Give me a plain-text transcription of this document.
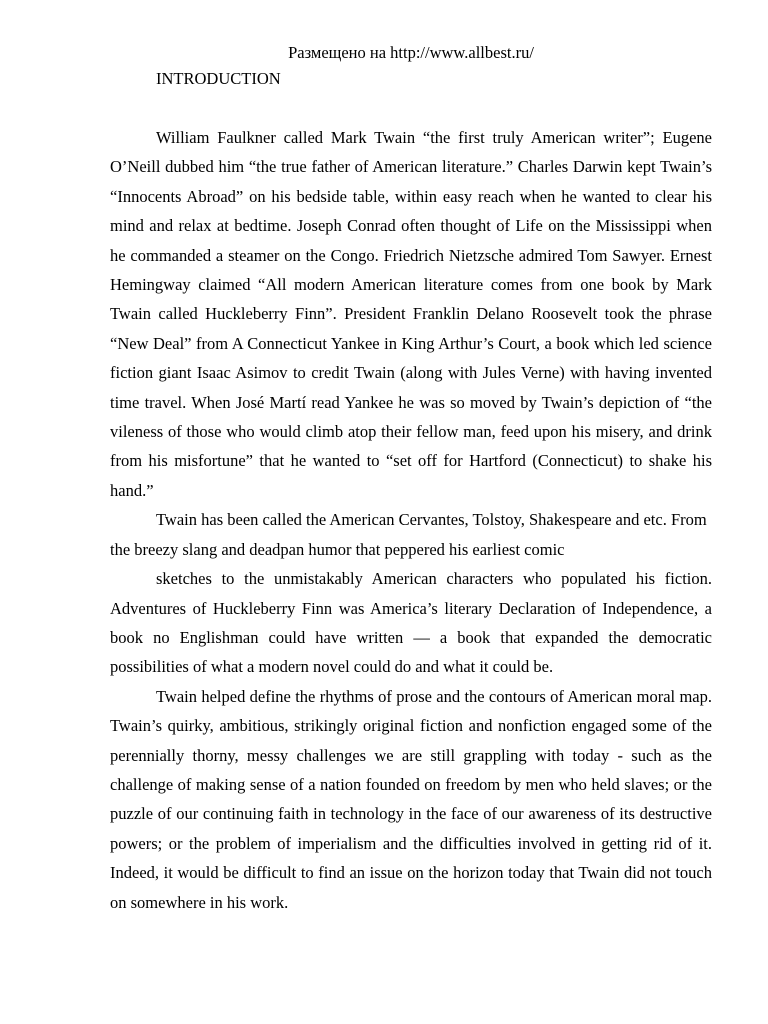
Размещено на http://www.allbest.ru/
INTRODUCTION

William Faulkner called Mark Twain “the first truly American writer”; Eugene O’Neill dubbed him “the true father of American literature.” Charles Darwin kept Twain’s “Innocents Abroad” on his bedside table, within easy reach when he wanted to clear his mind and relax at bedtime. Joseph Conrad often thought of Life on the Mississippi when he commanded a steamer on the Congo. Friedrich Nietzsche admired Tom Sawyer. Ernest Hemingway claimed “All modern American literature comes from one book by Mark Twain called Huckleberry Finn”. President Franklin Delano Roosevelt took the phrase “New Deal” from A Connecticut Yankee in King Arthur’s Court, a book which led science fiction giant Isaac Asimov to credit Twain (along with Jules Verne) with having invented time travel. When José Martí read Yankee he was so moved by Twain’s depiction of “the vileness of those who would climb atop their fellow man, feed upon his misery, and drink from his misfortune” that he wanted to “set off for Hartford (Connecticut) to shake his hand.”

Twain has been called the American Cervantes, Tolstoy, Shakespeare and etc. From the breezy slang and deadpan humor that peppered his earliest comic

sketches to the unmistakably American characters who populated his fiction. Adventures of Huckleberry Finn was America’s literary Declaration of Independence, a book no Englishman could have written — a book that expanded the democratic possibilities of what a modern novel could do and what it could be.

Twain helped define the rhythms of prose and the contours of American moral map. Twain’s quirky, ambitious, strikingly original fiction and nonfiction engaged some of the perennially thorny, messy challenges we are still grappling with today - such as the challenge of making sense of a nation founded on freedom by men who held slaves; or the puzzle of our continuing faith in technology in the face of our awareness of its destructive powers; or the problem of imperialism and the difficulties involved in getting rid of it. Indeed, it would be difficult to find an issue on the horizon today that Twain did not touch on somewhere in his work.
